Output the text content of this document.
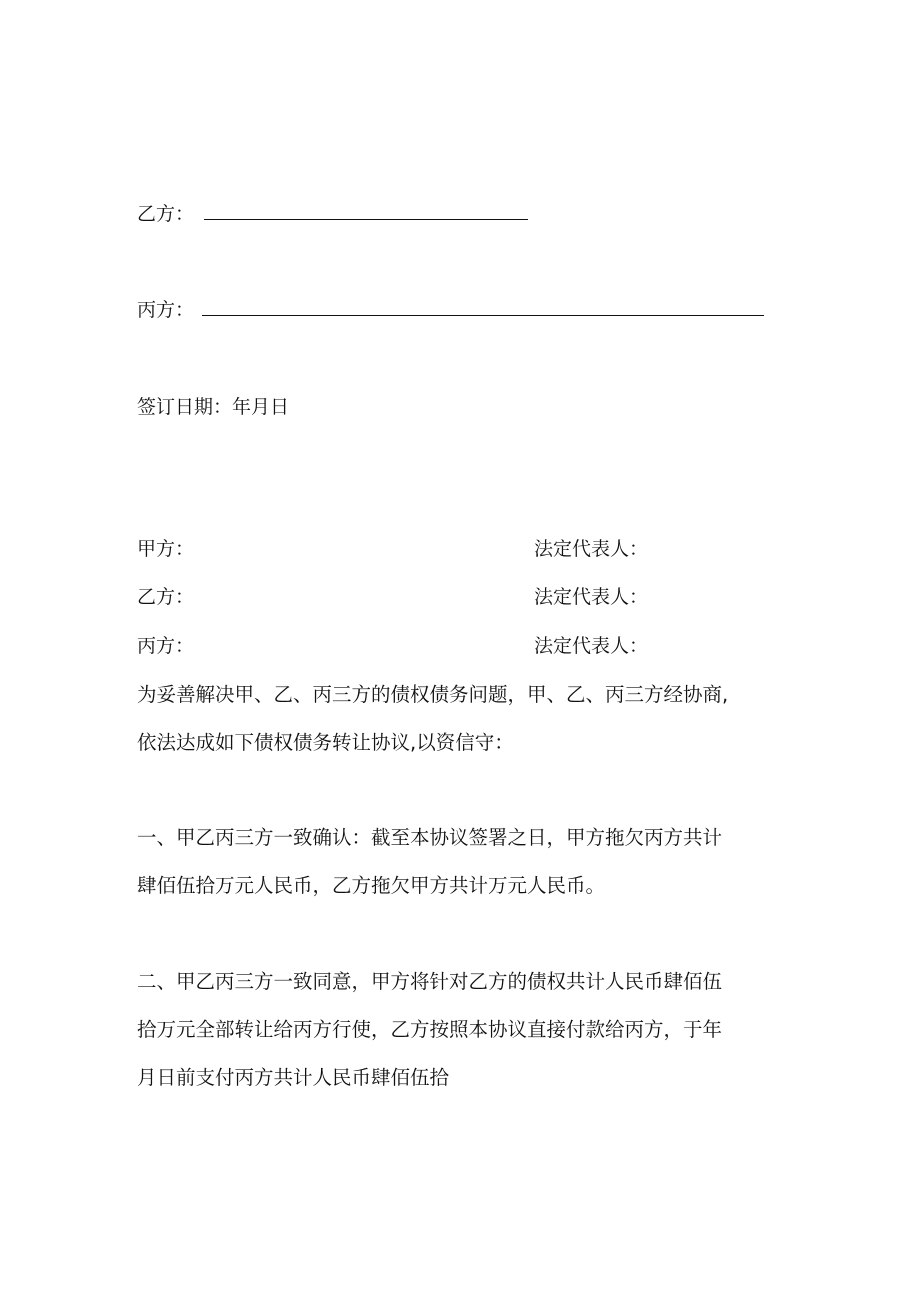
乙方：
丙方：
签订日期：年月日
甲方：	法定代表人：
乙方：	法定代表人：
丙方：	法定代表人：
为妥善解决甲、乙、丙三方的债权债务问题，甲、乙、丙三方经协商,
依法达成如下债权债务转让协议,以资信守：
一、甲乙丙三方一致确认：截至本协议签署之日，甲方拖欠丙方共计
肆佰伍拾万元人民币，乙方拖欠甲方共计万元人民币。
二、甲乙丙三方一致同意，甲方将针对乙方的债权共计人民币肆佰伍
拾万元全部转让给丙方行使，乙方按照本协议直接付款给丙方，于年
月日前支付丙方共计人民币肆佰伍拾
